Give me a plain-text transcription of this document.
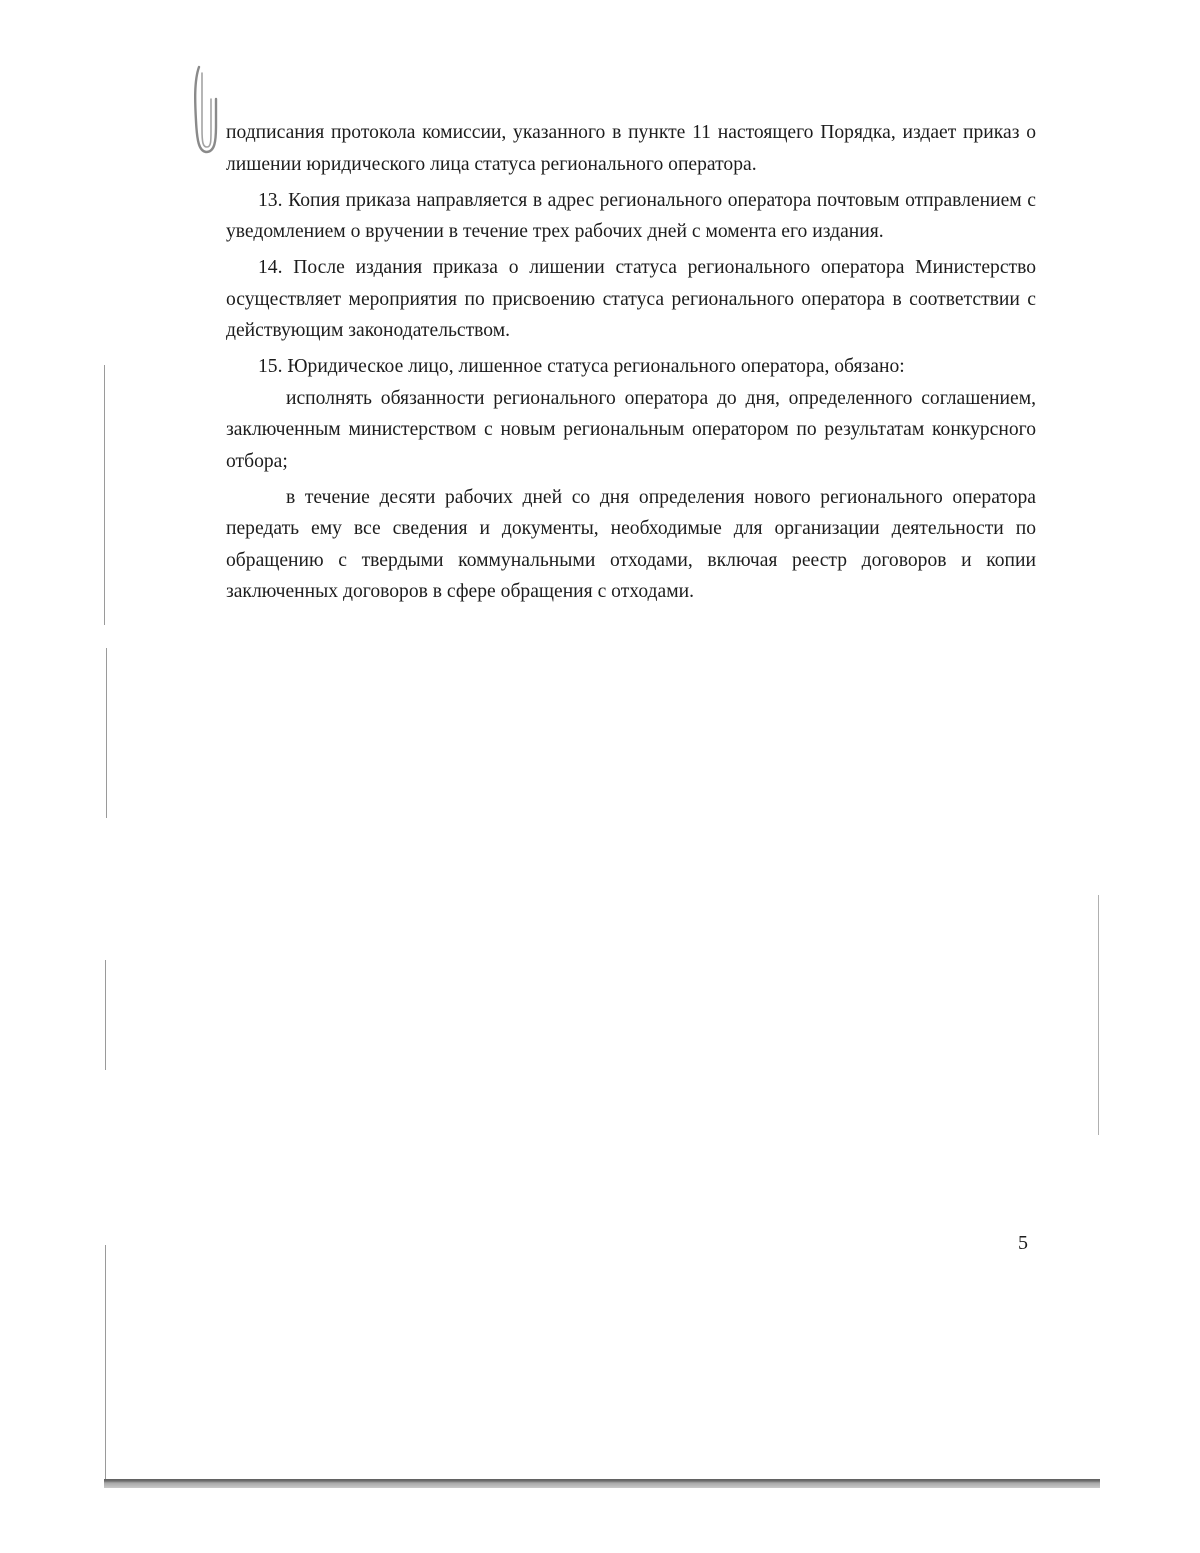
подписания протокола комиссии, указанного в пункте 11 настоящего Порядка, издает приказ о лишении юридического лица статуса регионального оператора.

13. Копия приказа направляется в адрес регионального оператора почтовым отправлением с уведомлением о вручении в течение трех рабочих дней с момента его издания.

14. После издания приказа о лишении статуса регионального оператора Министерство осуществляет мероприятия по присвоению статуса регионального оператора в соответствии с действующим законодательством.

15. Юридическое лицо, лишенное статуса регионального оператора, обязано:

исполнять обязанности регионального оператора до дня, определенного соглашением, заключенным министерством с новым региональным оператором по результатам конкурсного отбора;

в течение десяти рабочих дней со дня определения нового регионального оператора передать ему все сведения и документы, необходимые для организации деятельности по обращению с твердыми коммунальными отходами, включая реестр договоров и копии заключенных договоров в сфере обращения с отходами.

5
